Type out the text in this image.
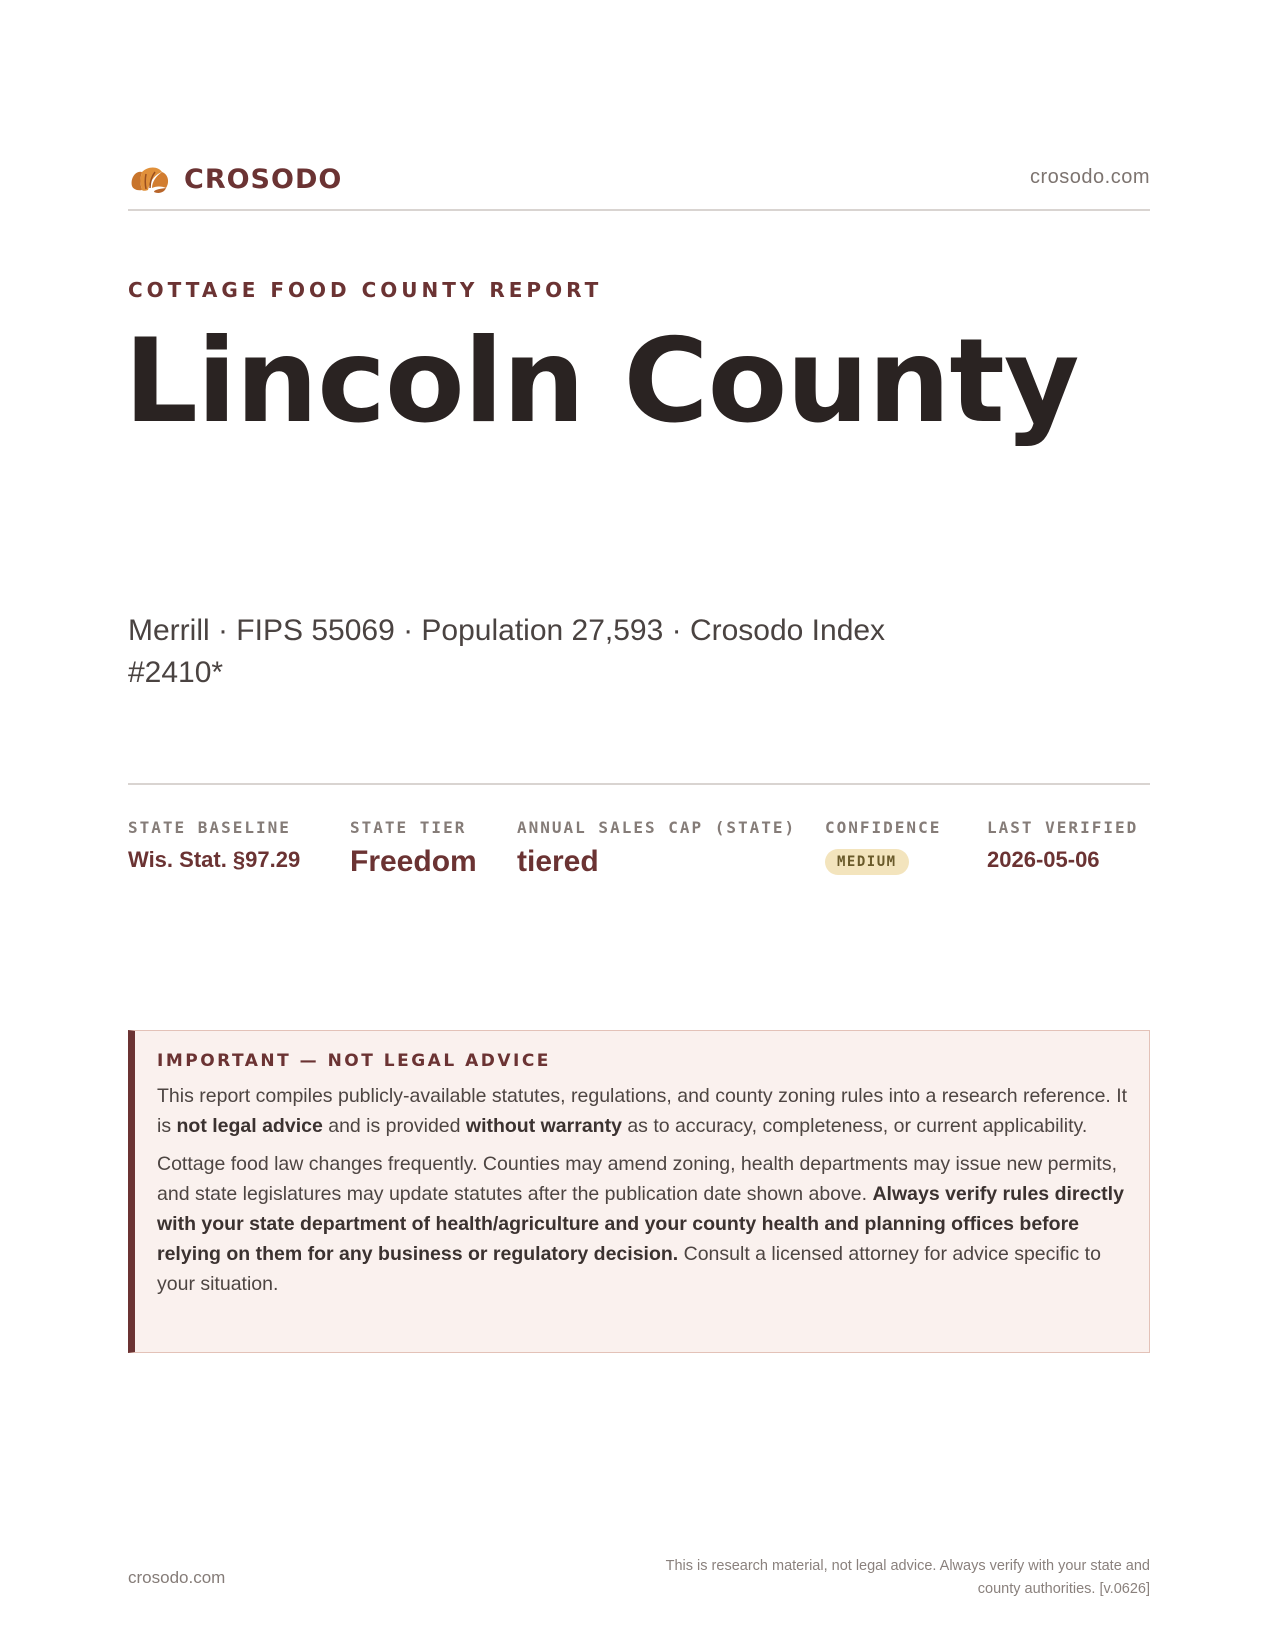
CROSODO	crosodo.com
COTTAGE FOOD COUNTY REPORT
Lincoln County
Merrill · FIPS 55069 · Population 27,593 · Crosodo Index #2410*
STATE BASELINE
Wis. Stat. §97.29
STATE TIER
Freedom
ANNUAL SALES CAP (STATE)
tiered
CONFIDENCE
MEDIUM
LAST VERIFIED
2026-05-06
IMPORTANT — NOT LEGAL ADVICE

This report compiles publicly-available statutes, regulations, and county zoning rules into a research reference. It is not legal advice and is provided without warranty as to accuracy, completeness, or current applicability.

Cottage food law changes frequently. Counties may amend zoning, health departments may issue new permits, and state legislatures may update statutes after the publication date shown above. Always verify rules directly with your state department of health/agriculture and your county health and planning offices before relying on them for any business or regulatory decision. Consult a licensed attorney for advice specific to your situation.

crosodo.com
This is research material, not legal advice. Always verify with your state and county authorities. [v.0626]
